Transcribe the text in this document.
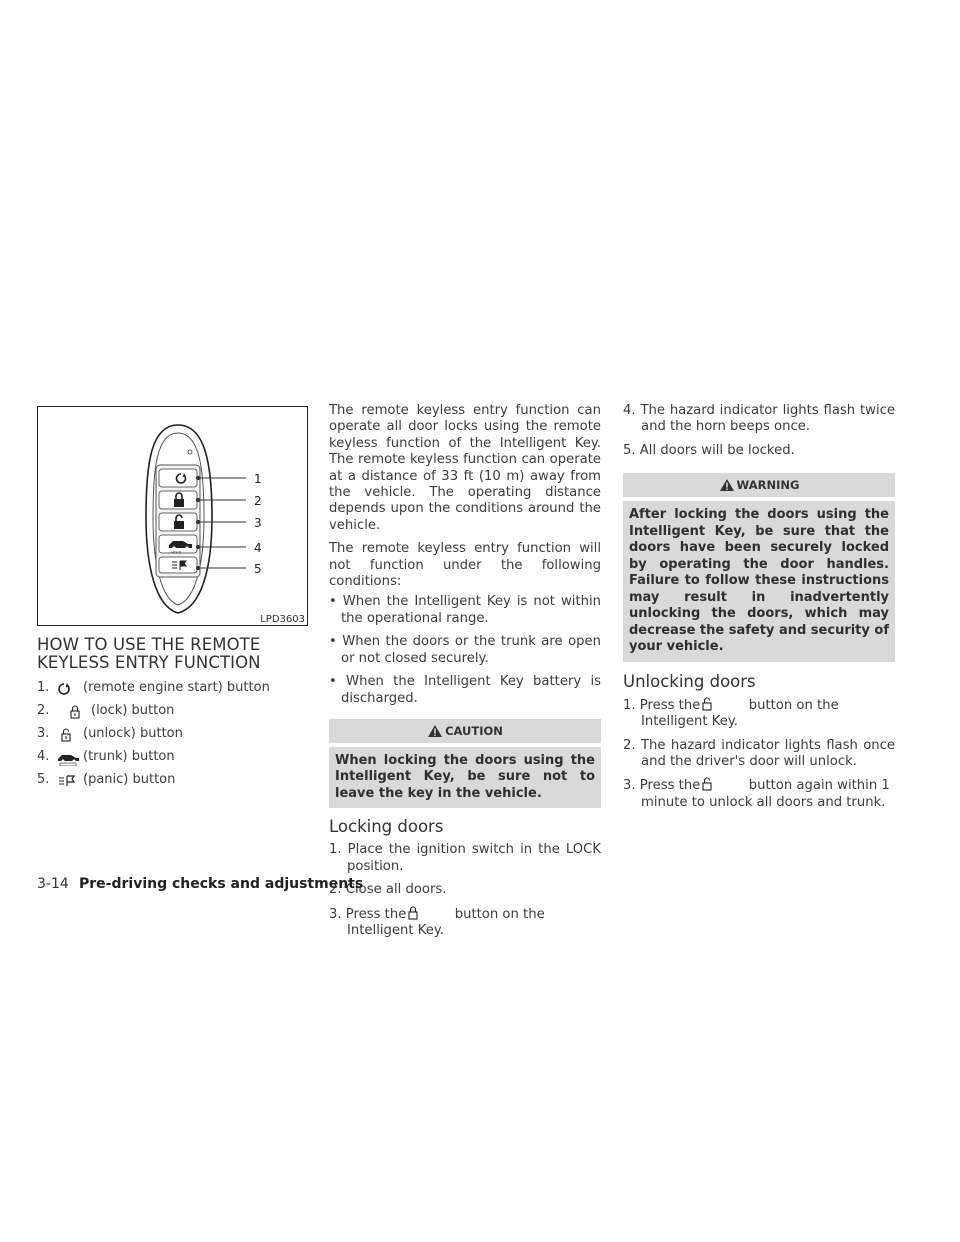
HOLD
1
2
3
4
5
LPD3603
HOW TO USE THE REMOTE
KEYLESS ENTRY FUNCTION
1.	(remote engine start) button
2.	(lock) button
3.	(unlock) button
4.	(trunk) button
5.	(panic) button

The remote keyless entry function can operate all door locks using the remote keyless function of the Intelligent Key. The remote keyless function can operate at a distance of 33 ft (10 m) away from the vehicle. The operating distance depends upon the conditions around the vehicle.

The remote keyless entry function will not function under the following conditions:

• When the Intelligent Key is not within the operational range.

• When the doors or the trunk are open or not closed securely.

• When the Intelligent Key battery is discharged.

CAUTION
When locking the doors using the Intelligent Key, be sure not to leave the key in the vehicle.
Locking doors

1. Place the ignition switch in the LOCK position.

2. Close all doors.

3. Press the	button on the Intelligent Key.

4. The hazard indicator lights flash twice and the horn beeps once.

5. All doors will be locked.

WARNING
After locking the doors using the Intelligent Key, be sure that the doors have been securely locked by operating the door handles. Failure to follow these instructions may result in inadvertently unlocking the doors, which may decrease the safety and security of your vehicle.
Unlocking doors

1. Press the	button on the Intelligent Key.

2. The hazard indicator lights flash once and the driver's door will unlock.

3. Press the	button again within 1 minute to unlock all doors and trunk.

3-14 Pre-driving checks and adjustments
